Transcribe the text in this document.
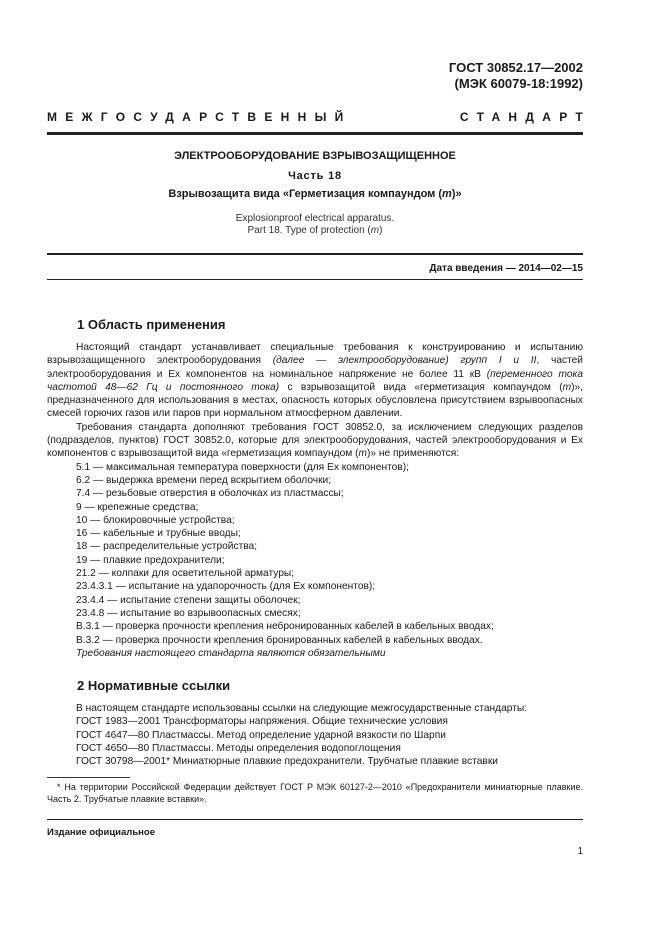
ГОСТ 30852.17—2002
(МЭК 60079-18:1992)
МЕЖГОСУДАРСТВЕННЫЙ	СТАНДАРТ
ЭЛЕКТРООБОРУДОВАНИЕ ВЗРЫВОЗАЩИЩЕННОЕ
Часть 18
Взрывозащита вида «Герметизация компаундом (m)»
Explosionproof electrical apparatus.
Part 18. Type of protection (m)
Дата введения — 2014—02—15
1 Область применения

Настоящий стандарт устанавливает специальные требования к конструированию и испытанию взрывозащищенного электрооборудования (далее — электрооборудование) групп I и II, частей электрооборудования и Ex компонентов на номинальное напряжение не более 11 кВ (переменного тока частотой 48—62 Гц и постоянного тока) с взрывозащитой вида «герметизация компаундом (m)», предназначенного для использования в местах, опасность которых обусловлена присутствием взрывоопасных смесей горючих газов или паров при нормальном атмосферном давлении.

Требования стандарта дополняют требования ГОСТ 30852.0, за исключением следующих разделов (подразделов, пунктов) ГОСТ 30852.0, которые для электрооборудования, частей электрооборудования и Ex компонентов с взрывозащитой вида «герметизация компаундом (m)» не применяются:

5.1 — максимальная температура поверхности (для Ex компонентов);
6.2 — выдержка времени перед вскрытием оболочки;
7.4 — резьбовые отверстия в оболочках из пластмассы;
9 — крепежные средства;
10 — блокировочные устройства;
16 — кабельные и трубные вводы;
18 — распределительные устройства;
19 — плавкие предохранители;
21.2 — колпаки для осветительной арматуры;
23.4.3.1 — испытание на удапорочность (для Ex компонентов);
23.4.4 — испытание степени защиты оболочек;
23.4.8 — испытание во взрывоопасных смесях;
B.3.1 — проверка прочности крепления небронированных кабелей в кабельных вводах;
B.3.2 — проверка прочности крепления бронированных кабелей в кабельных вводах.
Требования настоящего стандарта являются обязательными
2 Нормативные ссылки
В настоящем стандарте использованы ссылки на следующие межгосударственные стандарты:
ГОСТ 1983—2001 Трансформаторы напряжения. Общие технические условия
ГОСТ 4647—80 Пластмассы. Метод определение ударной вязкости по Шарпи
ГОСТ 4650—80 Пластмассы. Методы определения водопоглощения
ГОСТ 30798—2001* Миниатюрные плавкие предохранители. Трубчатые плавкие вставки

* На территории Российской Федерации действует ГОСТ Р МЭК 60127-2—2010 «Предохранители миниатюрные плавкие. Часть 2. Трубчатые плавкие вставки».

Издание официальное
1
